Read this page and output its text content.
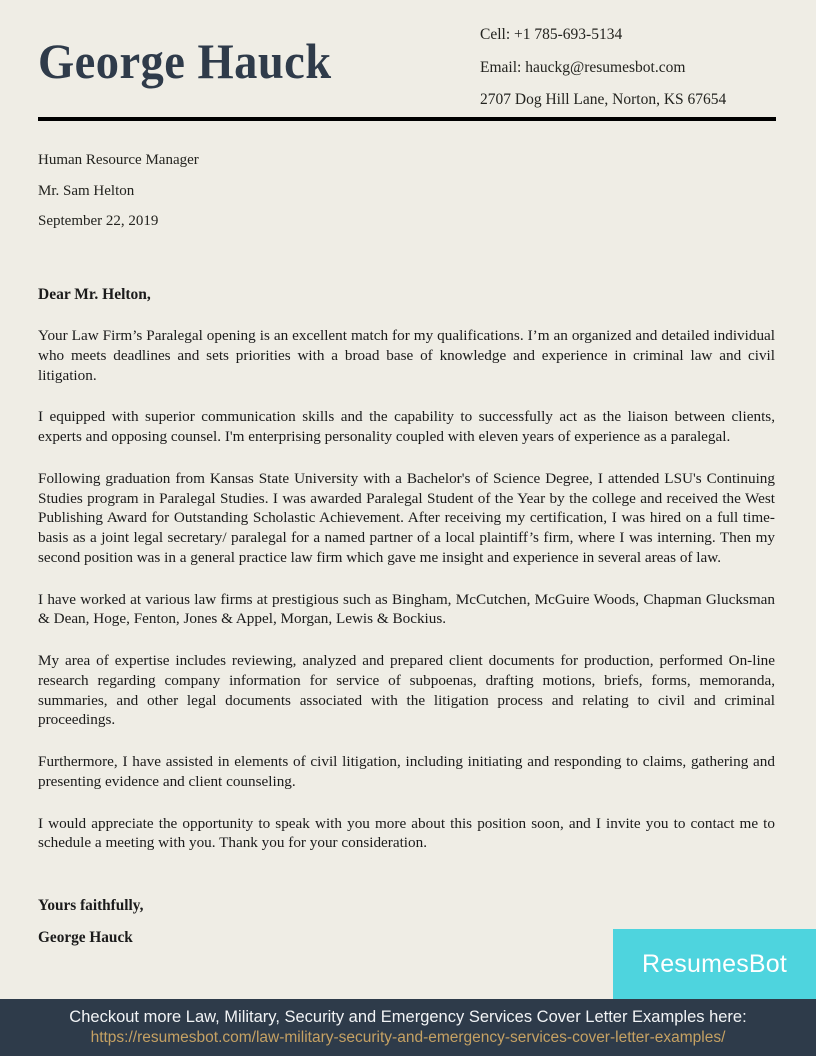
George Hauck	Cell: +1 785-693-5134
Email: hauckg@resumesbot.com
2707 Dog Hill Lane, Norton, KS 67654
Human Resource Manager
Mr. Sam Helton
September 22, 2019

Dear Mr. Helton,

Your Law Firm’s Paralegal opening is an excellent match for my qualifications. I’m an organized and detailed individual who meets deadlines and sets priorities with a broad base of knowledge and experience in criminal law and civil litigation.

I equipped with superior communication skills and the capability to successfully act as the liaison between clients, experts and opposing counsel. I'm enterprising personality coupled with eleven years of experience as a paralegal.

Following graduation from Kansas State University with a Bachelor's of Science Degree, I attended LSU's Continuing Studies program in Paralegal Studies. I was awarded Paralegal Student of the Year by the college and received the West Publishing Award for Outstanding Scholastic Achievement. After receiving my certification, I was hired on a full time-basis as a joint legal secretary/ paralegal for a named partner of a local plaintiff’s firm, where I was interning. Then my second position was in a general practice law firm which gave me insight and experience in several areas of law.

I have worked at various law firms at prestigious such as Bingham, McCutchen, McGuire Woods, Chapman Glucksman & Dean, Hoge, Fenton, Jones & Appel, Morgan, Lewis & Bockius.

My area of expertise includes reviewing, analyzed and prepared client documents for production, performed On-line research regarding company information for service of subpoenas, drafting motions, briefs, forms, memoranda, summaries, and other legal documents associated with the litigation process and relating to civil and criminal proceedings.

Furthermore, I have assisted in elements of civil litigation, including initiating and responding to claims, gathering and presenting evidence and client counseling.

I would appreciate the opportunity to speak with you more about this position soon, and I invite you to contact me to schedule a meeting with you. Thank you for your consideration.

Yours faithfully,
George Hauck
ResumesBot
Checkout more Law, Military, Security and Emergency Services Cover Letter Examples here:
https://resumesbot.com/law-military-security-and-emergency-services-cover-letter-examples/
